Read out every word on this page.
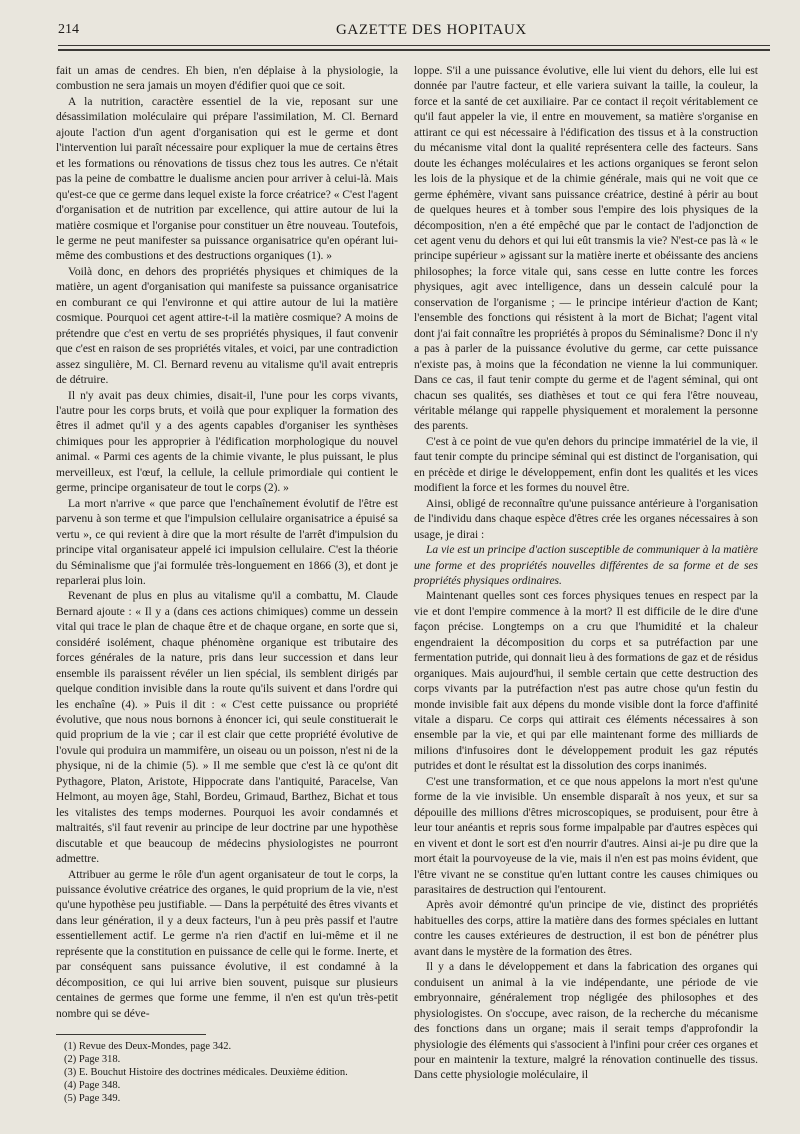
214	GAZETTE DES HOPITAUX

fait un amas de cendres. Eh bien, n'en déplaise à la physiologie, la combustion ne sera jamais un moyen d'édifier quoi que ce soit.

A la nutrition, caractère essentiel de la vie, reposant sur une désassimilation moléculaire qui prépare l'assimilation, M. Cl. Bernard ajoute l'action d'un agent d'organisation qui est le germe et dont l'intervention lui paraît nécessaire pour expliquer la mue de certains êtres et les formations ou rénovations de tissus chez tous les autres. Ce n'était pas la peine de combattre le dualisme ancien pour arriver à celui-là. Mais qu'est-ce que ce germe dans lequel existe la force créatrice? « C'est l'agent d'organisation et de nutrition par excellence, qui attire autour de lui la matière cosmique et l'organise pour constituer un être nouveau. Toutefois, le germe ne peut manifester sa puissance organisatrice qu'en opérant lui-même des combustions et des destructions organiques (1). »

Voilà donc, en dehors des propriétés physiques et chimiques de la matière, un agent d'organisation qui manifeste sa puissance organisatrice en comburant ce qui l'environne et qui attire autour de lui la matière cosmique. Pourquoi cet agent attire-t-il la matière cosmique? A moins de prétendre que c'est en vertu de ses propriétés physiques, il faut convenir que c'est en raison de ses propriétés vitales, et voici, par une contradiction assez singulière, M. Cl. Bernard revenu au vitalisme qu'il avait entrepris de détruire.

Il n'y avait pas deux chimies, disait-il, l'une pour les corps vivants, l'autre pour les corps bruts, et voilà que pour expliquer la formation des êtres il admet qu'il y a des agents capables d'organiser les synthèses chimiques pour les approprier à l'édification morphologique du nouvel animal. « Parmi ces agents de la chimie vivante, le plus puissant, le plus merveilleux, est l'œuf, la cellule, la cellule primordiale qui contient le germe, principe organisateur de tout le corps (2). »

La mort n'arrive « que parce que l'enchaînement évolutif de l'être est parvenu à son terme et que l'impulsion cellulaire organisatrice a épuisé sa vertu », ce qui revient à dire que la mort résulte de l'arrêt d'impulsion du principe vital organisateur appelé ici impulsion cellulaire. C'est la théorie du Séminalisme que j'ai formulée très-longuement en 1866 (3), et dont je reparlerai plus loin.

Revenant de plus en plus au vitalisme qu'il a combattu, M. Claude Bernard ajoute : « Il y a (dans ces actions chimiques) comme un dessein vital qui trace le plan de chaque être et de chaque organe, en sorte que si, considéré isolément, chaque phénomène organique est tributaire des forces générales de la nature, pris dans leur succession et dans leur ensemble ils paraissent révéler un lien spécial, ils semblent dirigés par quelque condition invisible dans la route qu'ils suivent et dans l'ordre qui les enchaîne (4). » Puis il dit : « C'est cette puissance ou propriété évolutive, que nous nous bornons à énoncer ici, qui seule constituerait le quid proprium de la vie ; car il est clair que cette propriété évolutive de l'ovule qui produira un mammifère, un oiseau ou un poisson, n'est ni de la physique, ni de la chimie (5). » Il me semble que c'est là ce qu'ont dit Pythagore, Platon, Aristote, Hippocrate dans l'antiquité, Paracelse, Van Helmont, au moyen âge, Stahl, Bordeu, Grimaud, Barthez, Bichat et tous les vitalistes des temps modernes. Pourquoi les avoir condamnés et maltraités, s'il faut revenir au principe de leur doctrine par une hypothèse discutable et que beaucoup de médecins physiologistes ne pourront admettre.

Attribuer au germe le rôle d'un agent organisateur de tout le corps, la puissance évolutive créatrice des organes, le quid proprium de la vie, n'est qu'une hypothèse peu justifiable. — Dans la perpétuité des êtres vivants et dans leur génération, il y a deux facteurs, l'un à peu près passif et l'autre essentiellement actif. Le germe n'a rien d'actif en lui-même et il ne représente que la constitution en puissance de celle qui le forme. Inerte, et par conséquent sans puissance évolutive, il est condamné à la décomposition, ce qui lui arrive bien souvent, puisque sur plusieurs centaines de germes que forme une femme, il n'en est qu'un très-petit nombre qui se déve-

(1) Revue des Deux-Mondes, page 342.
(2) Page 318.
(3) E. Bouchut Histoire des doctrines médicales. Deuxième édition.
(4) Page 348.
(5) Page 349.

loppe. S'il a une puissance évolutive, elle lui vient du dehors, elle lui est donnée par l'autre facteur, et elle variera suivant la taille, la couleur, la force et la santé de cet auxiliaire. Par ce contact il reçoit véritablement ce qu'il faut appeler la vie, il entre en mouvement, sa matière s'organise en attirant ce qui est nécessaire à l'édification des tissus et à la construction du mécanisme vital dont la qualité représentera celle des facteurs. Sans doute les échanges moléculaires et les actions organiques se feront selon les lois de la physique et de la chimie générale, mais qui ne voit que ce germe éphémère, vivant sans puissance créatrice, destiné à périr au bout de quelques heures et à tomber sous l'empire des lois physiques de la décomposition, n'en a été empêché que par le contact de l'adjonction de cet agent venu du dehors et qui lui eût transmis la vie? N'est-ce pas là « le principe supérieur » agissant sur la matière inerte et obéissante des anciens philosophes; la force vitale qui, sans cesse en lutte contre les forces physiques, agit avec intelligence, dans un dessein calculé pour la conservation de l'organisme ; — le principe intérieur d'action de Kant; l'ensemble des fonctions qui résistent à la mort de Bichat; l'agent vital dont j'ai fait connaître les propriétés à propos du Séminalisme? Donc il n'y a pas à parler de la puissance évolutive du germe, car cette puissance n'existe pas, à moins que la fécondation ne vienne la lui communiquer. Dans ce cas, il faut tenir compte du germe et de l'agent séminal, qui ont chacun ses qualités, ses diathèses et tout ce qui fera l'être nouveau, véritable mélange qui rappelle physiquement et moralement la personne des parents.

C'est à ce point de vue qu'en dehors du principe immatériel de la vie, il faut tenir compte du principe séminal qui est distinct de l'organisation, qui en précède et dirige le développement, enfin dont les qualités et les vices modifient la force et les formes du nouvel être.

Ainsi, obligé de reconnaître qu'une puissance antérieure à l'organisation de l'individu dans chaque espèce d'êtres crée les organes nécessaires à son usage, je dirai :

La vie est un principe d'action susceptible de communiquer à la matière une forme et des propriétés nouvelles différentes de sa forme et de ses propriétés physiques ordinaires.

Maintenant quelles sont ces forces physiques tenues en respect par la vie et dont l'empire commence à la mort? Il est difficile de le dire d'une façon précise. Longtemps on a cru que l'humidité et la chaleur engendraient la décomposition du corps et sa putréfaction par une fermentation putride, qui donnait lieu à des formations de gaz et de résidus organiques. Mais aujourd'hui, il semble certain que cette destruction des corps vivants par la putréfaction n'est pas autre chose qu'un festin du monde invisible fait aux dépens du monde visible dont la force d'affinité vitale a disparu. Ce corps qui attirait ces éléments nécessaires à son ensemble par la vie, et qui par elle maintenant forme des milliards de milions d'infusoires dont le développement produit les gaz réputés putrides et dont le résultat est la dissolution des corps inanimés.

C'est une transformation, et ce que nous appelons la mort n'est qu'une forme de la vie invisible. Un ensemble disparaît à nos yeux, et sur sa dépouille des millions d'êtres microscopiques, se produisent, pour être à leur tour anéantis et repris sous forme impalpable par d'autres espèces qui en vivent et dont le sort est d'en nourrir d'autres. Ainsi ai-je pu dire que la mort était la pourvoyeuse de la vie, mais il n'en est pas moins évident, que l'être vivant ne se constitue qu'en luttant contre les causes chimiques ou parasitaires de destruction qui l'entourent.

Après avoir démontré qu'un principe de vie, distinct des propriétés habituelles des corps, attire la matière dans des formes spéciales en luttant contre les causes extérieures de destruction, il est bon de pénétrer plus avant dans le mystère de la formation des êtres.

Il y a dans le développement et dans la fabrication des organes qui conduisent un animal à la vie indépendante, une période de vie embryonnaire, généralement trop négligée des philosophes et des physiologistes. On s'occupe, avec raison, de la recherche du mécanisme des fonctions dans un organe; mais il serait temps d'approfondir la physiologie des éléments qui s'associent à l'infini pour créer ces organes et pour en maintenir la texture, malgré la rénovation continuelle des tissus. Dans cette physiologie moléculaire, il
